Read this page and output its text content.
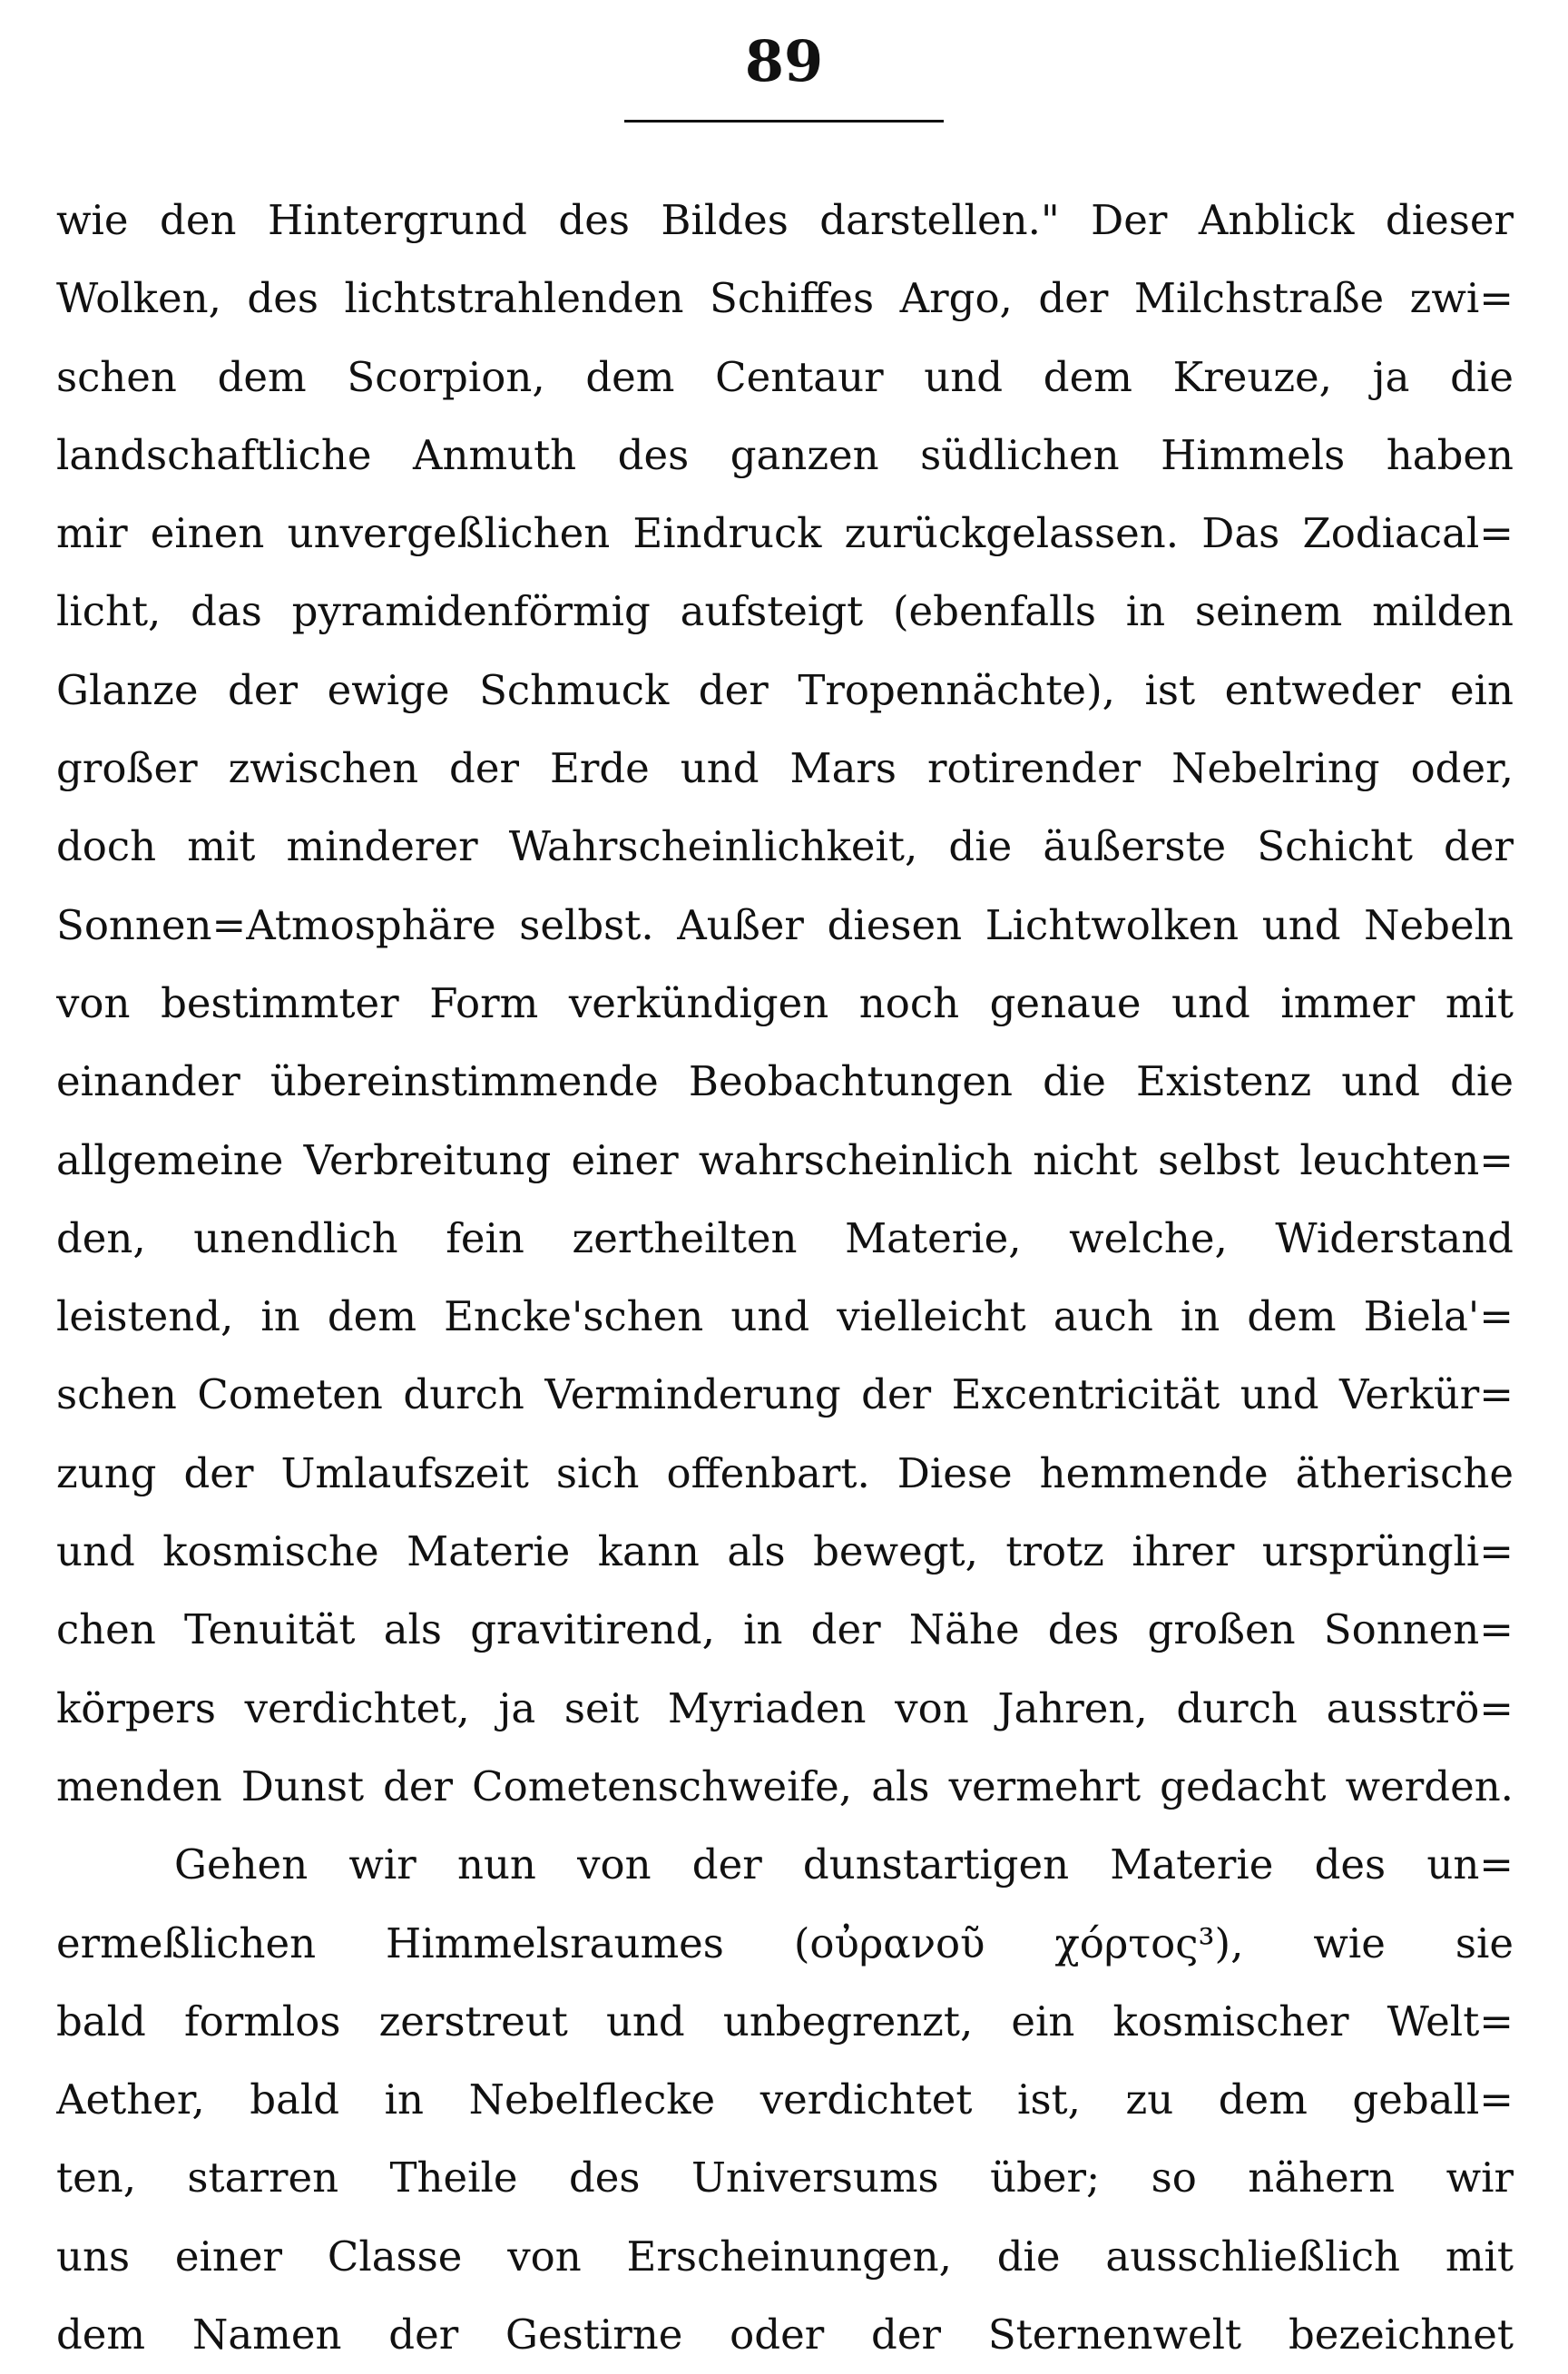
89
wie den Hintergrund des Bildes darstellen." Der Anblick dieser
Wolken, des lichtstrahlenden Schiffes Argo, der Milchstraße zwi=
schen dem Scorpion, dem Centaur und dem Kreuze, ja die
landschaftliche Anmuth des ganzen südlichen Himmels haben
mir einen unvergeßlichen Eindruck zurückgelassen. Das Zodiacal=
licht, das pyramidenförmig aufsteigt (ebenfalls in seinem milden
Glanze der ewige Schmuck der Tropennächte), ist entweder ein
großer zwischen der Erde und Mars rotirender Nebelring oder,
doch mit minderer Wahrscheinlichkeit, die äußerste Schicht der
Sonnen=Atmosphäre selbst. Außer diesen Lichtwolken und Nebeln
von bestimmter Form verkündigen noch genaue und immer mit
einander übereinstimmende Beobachtungen die Existenz und die
allgemeine Verbreitung einer wahrscheinlich nicht selbst leuchten=
den, unendlich fein zertheilten Materie, welche, Widerstand
leistend, in dem Encke'schen und vielleicht auch in dem Biela'=
schen Cometen durch Verminderung der Excentricität und Verkür=
zung der Umlaufszeit sich offenbart. Diese hemmende ätherische
und kosmische Materie kann als bewegt, trotz ihrer ursprüngli=
chen Tenuität als gravitirend, in der Nähe des großen Sonnen=
körpers verdichtet, ja seit Myriaden von Jahren, durch ausströ=
menden Dunst der Cometenschweife, als vermehrt gedacht werden.
Gehen wir nun von der dunstartigen Materie des un=
ermeßlichen Himmelsraumes (οὐρανοῦ χόρτος³), wie sie
bald formlos zerstreut und unbegrenzt, ein kosmischer Welt=
Aether, bald in Nebelflecke verdichtet ist, zu dem geball=
ten, starren Theile des Universums über; so nähern wir
uns einer Classe von Erscheinungen, die ausschließlich mit
dem Namen der Gestirne oder der Sternenwelt bezeichnet
